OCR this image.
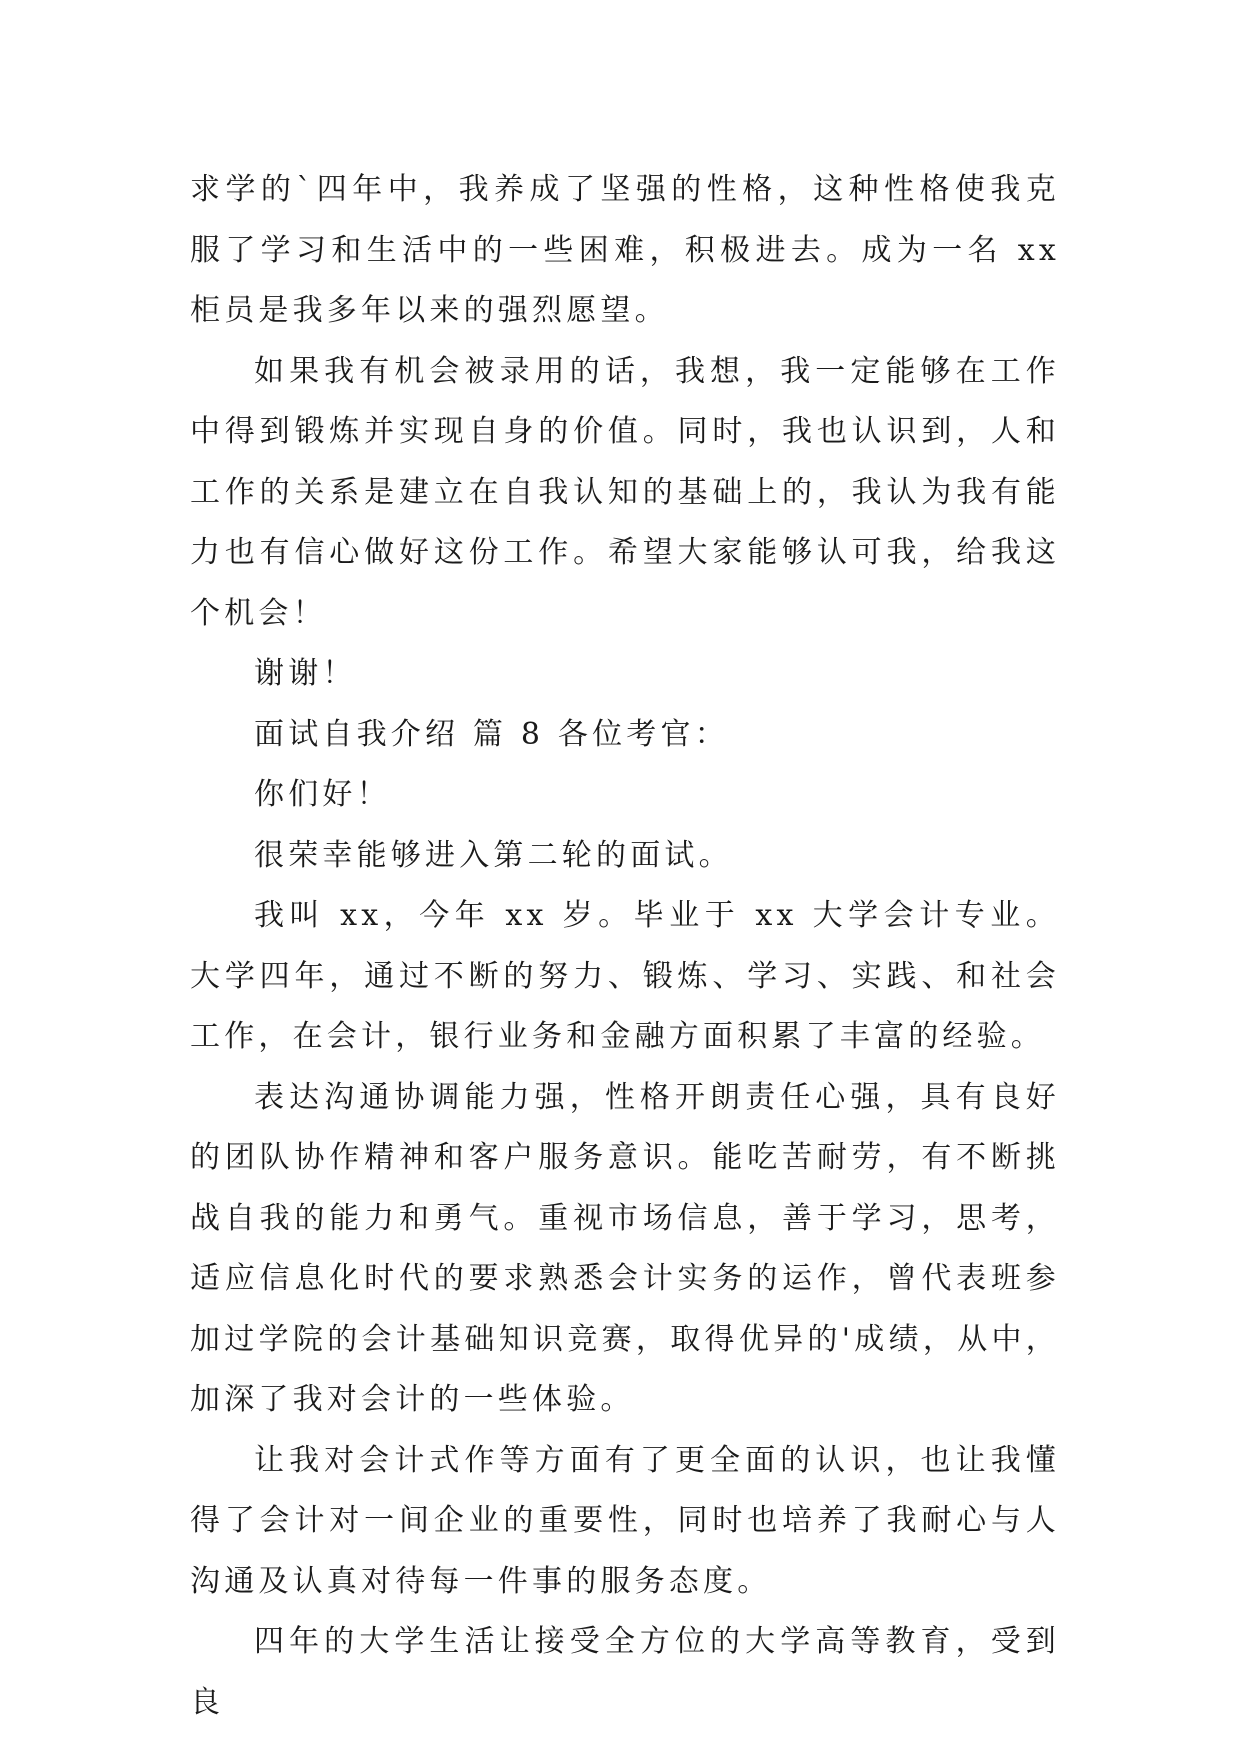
求学的`四年中，我养成了坚强的性格，这种性格使我克服了学习和生活中的一些困难，积极进去。成为一名 xx 柜员是我多年以来的强烈愿望。

如果我有机会被录用的话，我想，我一定能够在工作中得到锻炼并实现自身的价值。同时，我也认识到，人和工作的关系是建立在自我认知的基础上的，我认为我有能力也有信心做好这份工作。希望大家能够认可我，给我这个机会！

谢谢！

面试自我介绍 篇 8 各位考官：

你们好！

很荣幸能够进入第二轮的面试。

我叫 xx，今年 xx 岁。毕业于 xx 大学会计专业。大学四年，通过不断的努力、锻炼、学习、实践、和社会工作，在会计，银行业务和金融方面积累了丰富的经验。

表达沟通协调能力强，性格开朗责任心强，具有良好的团队协作精神和客户服务意识。能吃苦耐劳，有不断挑战自我的能力和勇气。重视市场信息，善于学习，思考，适应信息化时代的要求熟悉会计实务的运作，曾代表班参加过学院的会计基础知识竞赛，取得优异的'成绩，从中，加深了我对会计的一些体验。

让我对会计式作等方面有了更全面的认识，也让我懂得了会计对一间企业的重要性，同时也培养了我耐心与人沟通及认真对待每一件事的服务态度。

四年的大学生活让接受全方位的大学高等教育，受到良
